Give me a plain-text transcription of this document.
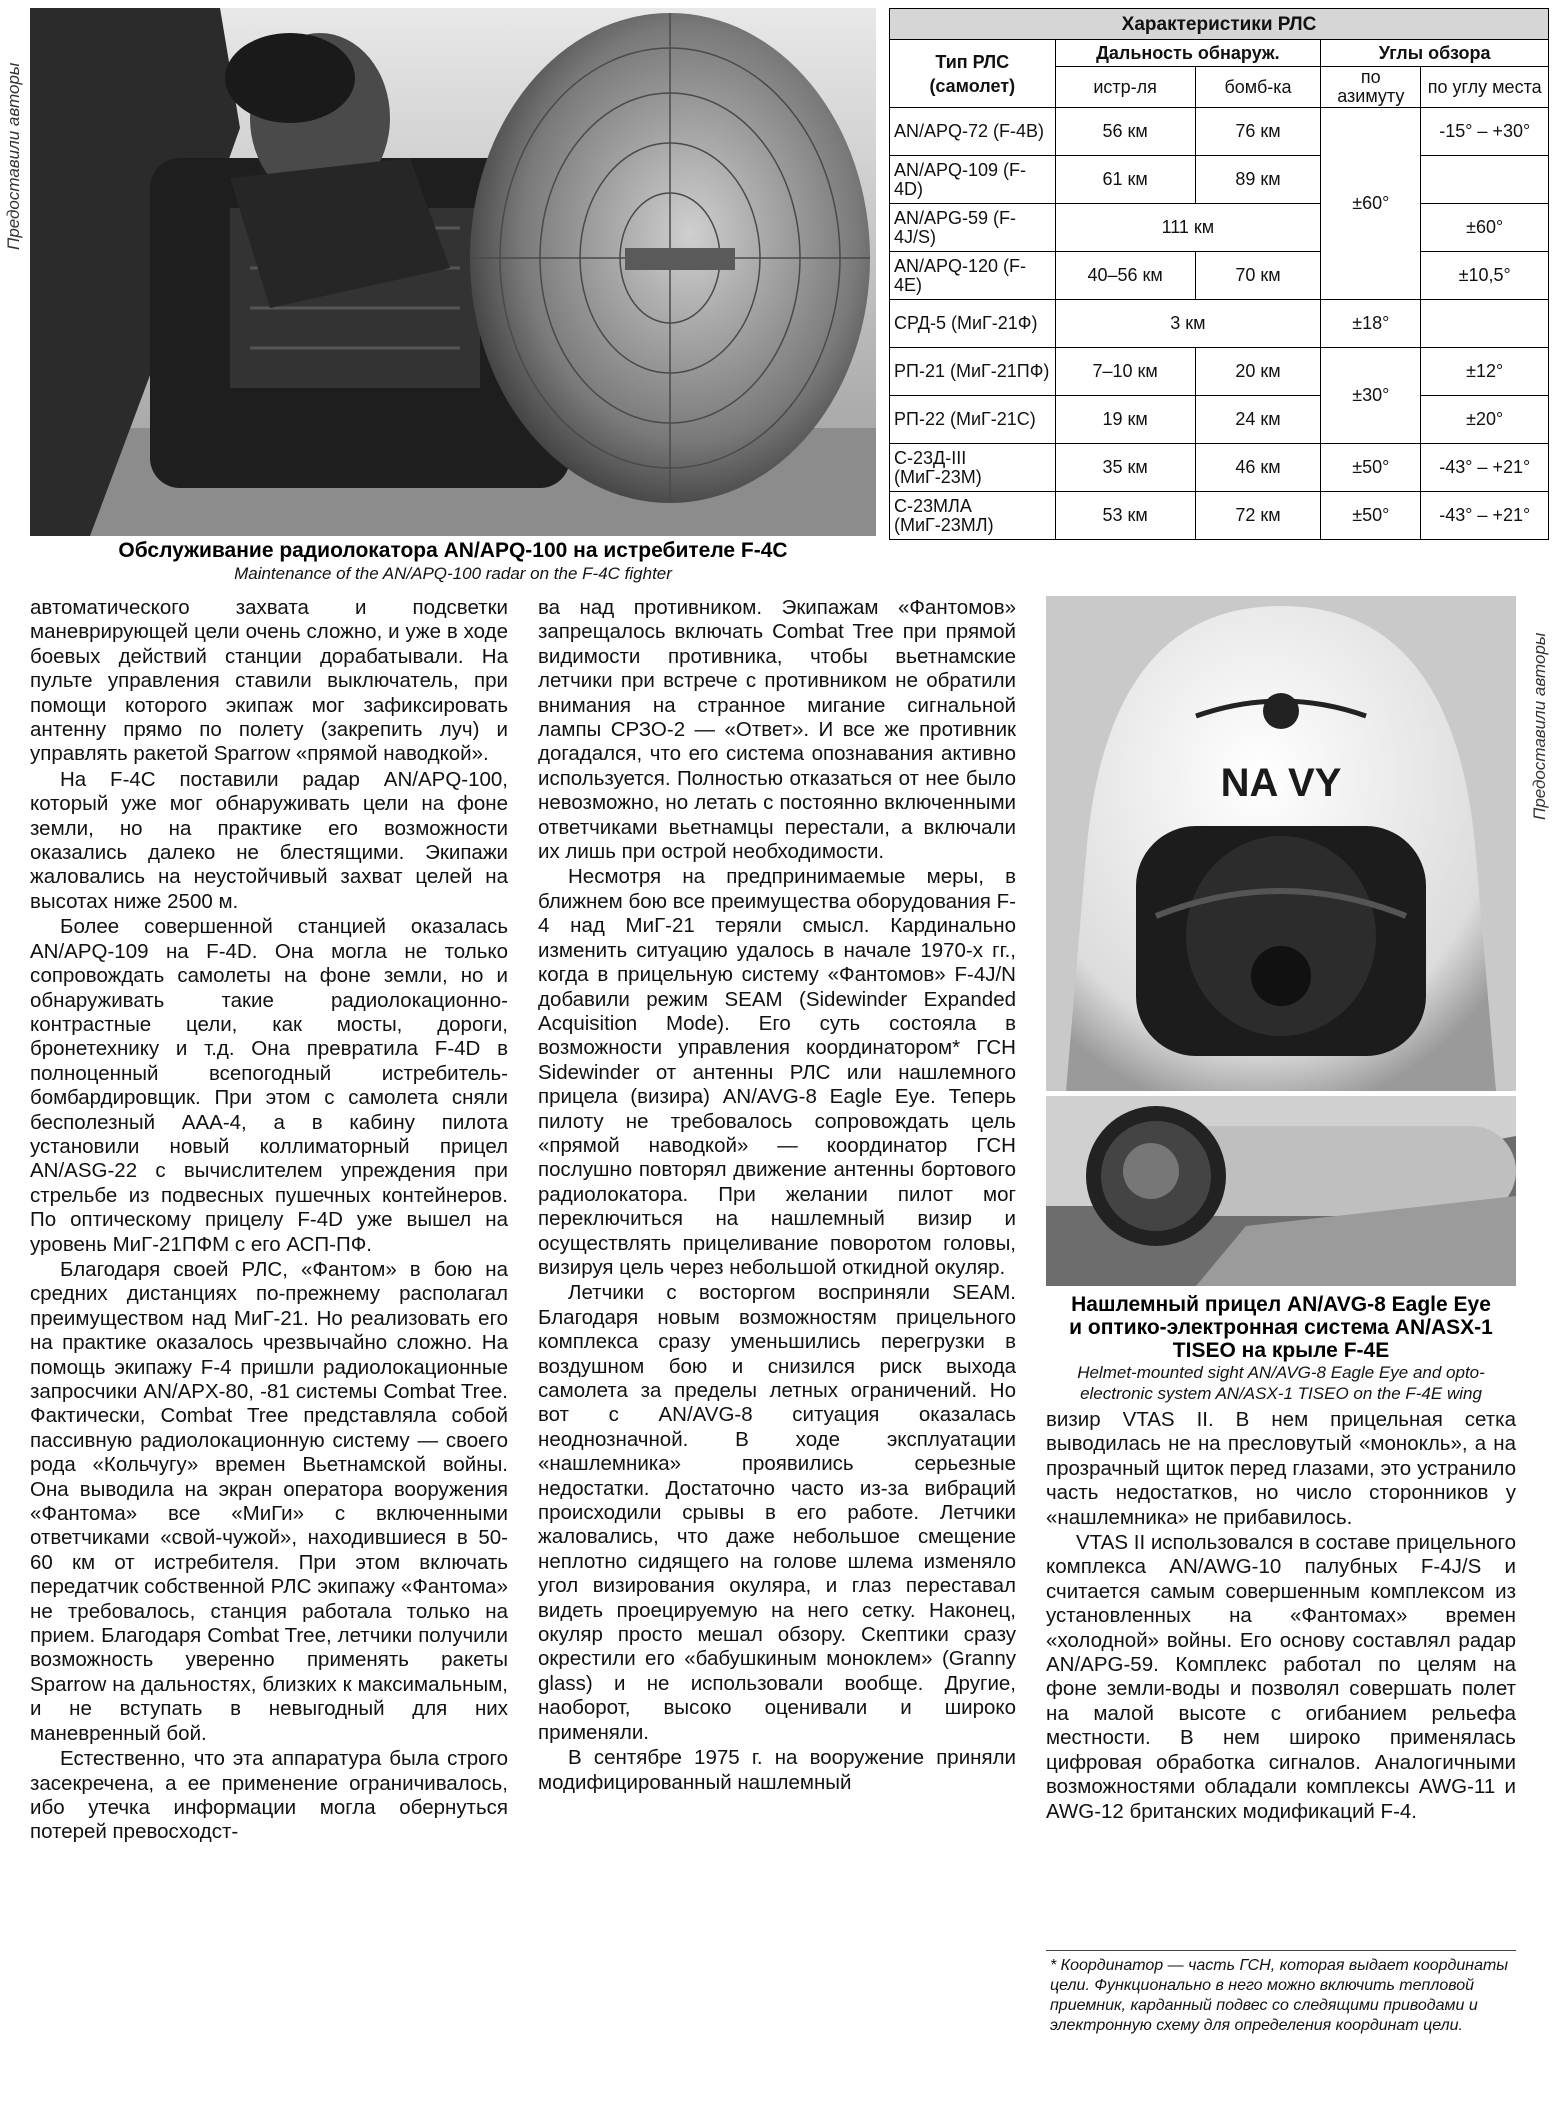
Предоставили авторы
Предоставили авторы
Обслуживание радиолокатора AN/APQ-100 на истребителе F-4C
Maintenance of the AN/APQ-100 radar on the F-4C fighter
Характеристики РЛС				
Тип РЛС (самолет)	Дальность обнаруж.		Углы обзора	
	истр-ля	бомб-ка	по азимуту	по углу места
AN/APQ-72 (F-4B)	56 км	76 км	±60°	-15° – +30°
AN/APQ-109 (F-4D)	61 км	89 км		
AN/APG-59 (F-4J/S)	111 км			±60°
AN/APQ-120 (F-4E)	40–56 км	70 км		±10,5°
СРД-5 (МиГ-21Ф)	3 км		±18°	
РП-21 (МиГ-21ПФ)	7–10 км	20 км	±30°	±12°
РП-22 (МиГ-21С)	19 км	24 км		±20°
С-23Д-III (МиГ-23М)	35 км	46 км	±50°	-43° – +21°
С-23МЛА (МиГ-23МЛ)	53 км	72 км	±50°	-43° – +21°
NA VY
Нашлемный прицел AN/AVG-8 Eagle Eye
и оптико-электронная система AN/ASX-1
TISEO на крыле F-4E
Helmet-mounted sight AN/AVG-8 Eagle Eye and opto-
electronic system AN/ASX-1 TISEO on the F-4E wing

автоматического захвата и подсветки маневрирующей цели очень сложно, и уже в ходе боевых действий станции дорабатывали. На пульте управления ставили выключатель, при помощи которого экипаж мог зафиксировать антенну прямо по полету (закрепить луч) и управлять ракетой Sparrow «прямой наводкой».

На F-4C поставили радар AN/APQ-100, который уже мог обнаруживать цели на фоне земли, но на практике его возможности оказались далеко не блестящими. Экипажи жаловались на неустойчивый захват целей на высотах ниже 2500 м.

Более совершенной станцией оказалась AN/APQ-109 на F-4D. Она могла не только сопровождать самолеты на фоне земли, но и обнаруживать такие радиолокационно-контрастные цели, как мосты, дороги, бронетехнику и т.д. Она превратила F-4D в полноценный всепогодный истребитель-бомбардировщик. При этом с самолета сняли бесполезный AAA-4, а в кабину пилота установили новый коллиматорный прицел AN/ASG-22 с вычислителем упреждения при стрельбе из подвесных пушечных контейнеров. По оптическому прицелу F-4D уже вышел на уровень МиГ-21ПФМ с его АСП-ПФ.

Благодаря своей РЛС, «Фантом» в бою на средних дистанциях по-прежнему располагал преимуществом над МиГ-21. Но реализовать его на практике оказалось чрезвычайно сложно. На помощь экипажу F-4 пришли радиолокационные запросчики AN/APX-80, -81 системы Combat Tree. Фактически, Combat Tree представляла собой пассивную радиолокационную систему — своего рода «Кольчугу» времен Вьетнамской войны. Она выводила на экран оператора вооружения «Фантома» все «МиГи» с включенными ответчиками «свой-чужой», находившиеся в 50-60 км от истребителя. При этом включать передатчик собственной РЛС экипажу «Фантома» не требовалось, станция работала только на прием. Благодаря Combat Tree, летчики получили возможность уверенно применять ракеты Sparrow на дальностях, близких к максимальным, и не вступать в невыгодный для них маневренный бой.

Естественно, что эта аппаратура была строго засекречена, а ее применение ограничивалось, ибо утечка информации могла обернуться потерей превосходст-

ва над противником. Экипажам «Фантомов» запрещалось включать Combat Tree при прямой видимости противника, чтобы вьетнамские летчики при встрече с противником не обратили внимания на странное мигание сигнальной лампы СРЗО-2 — «Ответ». И все же противник догадался, что его система опознавания активно используется. Полностью отказаться от нее было невозможно, но летать с постоянно включенными ответчиками вьетнамцы перестали, а включали их лишь при острой необходимости.

Несмотря на предпринимаемые меры, в ближнем бою все преимущества оборудования F-4 над МиГ-21 теряли смысл. Кардинально изменить ситуацию удалось в начале 1970-х гг., когда в прицельную систему «Фантомов» F-4J/N добавили режим SEAM (Sidewinder Expanded Acquisition Mode). Его суть состояла в возможности управления координатором* ГСН Sidewinder от антенны РЛС или нашлемного прицела (визира) AN/AVG-8 Eagle Eye. Теперь пилоту не требовалось сопровождать цель «прямой наводкой» — координатор ГСН послушно повторял движение антенны бортового радиолокатора. При желании пилот мог переключиться на нашлемный визир и осуществлять прицеливание поворотом головы, визируя цель через небольшой откидной окуляр.

Летчики с восторгом восприняли SEAM. Благодаря новым возможностям прицельного комплекса сразу уменьшились перегрузки в воздушном бою и снизился риск выхода самолета за пределы летных ограничений. Но вот с AN/AVG-8 ситуация оказалась неоднозначной. В ходе эксплуатации «нашлемника» проявились серьезные недостатки. Достаточно часто из-за вибраций происходили срывы в его работе. Летчики жаловались, что даже небольшое смещение неплотно сидящего на голове шлема изменяло угол визирования окуляра, и глаз переставал видеть проецируемую на него сетку. Наконец, окуляр просто мешал обзору. Скептики сразу окрестили его «бабушкиным моноклем» (Granny glass) и не использовали вообще. Другие, наоборот, высоко оценивали и широко применяли.

В сентябре 1975 г. на вооружение приняли модифицированный нашлемный

визир VTAS II. В нем прицельная сетка выводилась не на пресловутый «монокль», а на прозрачный щиток перед глазами, это устранило часть недостатков, но число сторонников у «нашлемника» не прибавилось.

VTAS II использовался в составе прицельного комплекса AN/AWG-10 палубных F-4J/S и считается самым совершенным комплексом из установленных на «Фантомах» времен «холодной» войны. Его основу составлял радар AN/APG-59. Комплекс работал по целям на фоне земли-воды и позволял совершать полет на малой высоте с огибанием рельефа местности. В нем широко применялась цифровая обработка сигналов. Аналогичными возможностями обладали комплексы AWG-11 и AWG-12 британских модификаций F-4.

* Координатор — часть ГСН, которая выдает координаты цели. Функционально в него можно включить тепловой приемник, карданный подвес со следящими приводами и электронную схему для определения координат цели.
